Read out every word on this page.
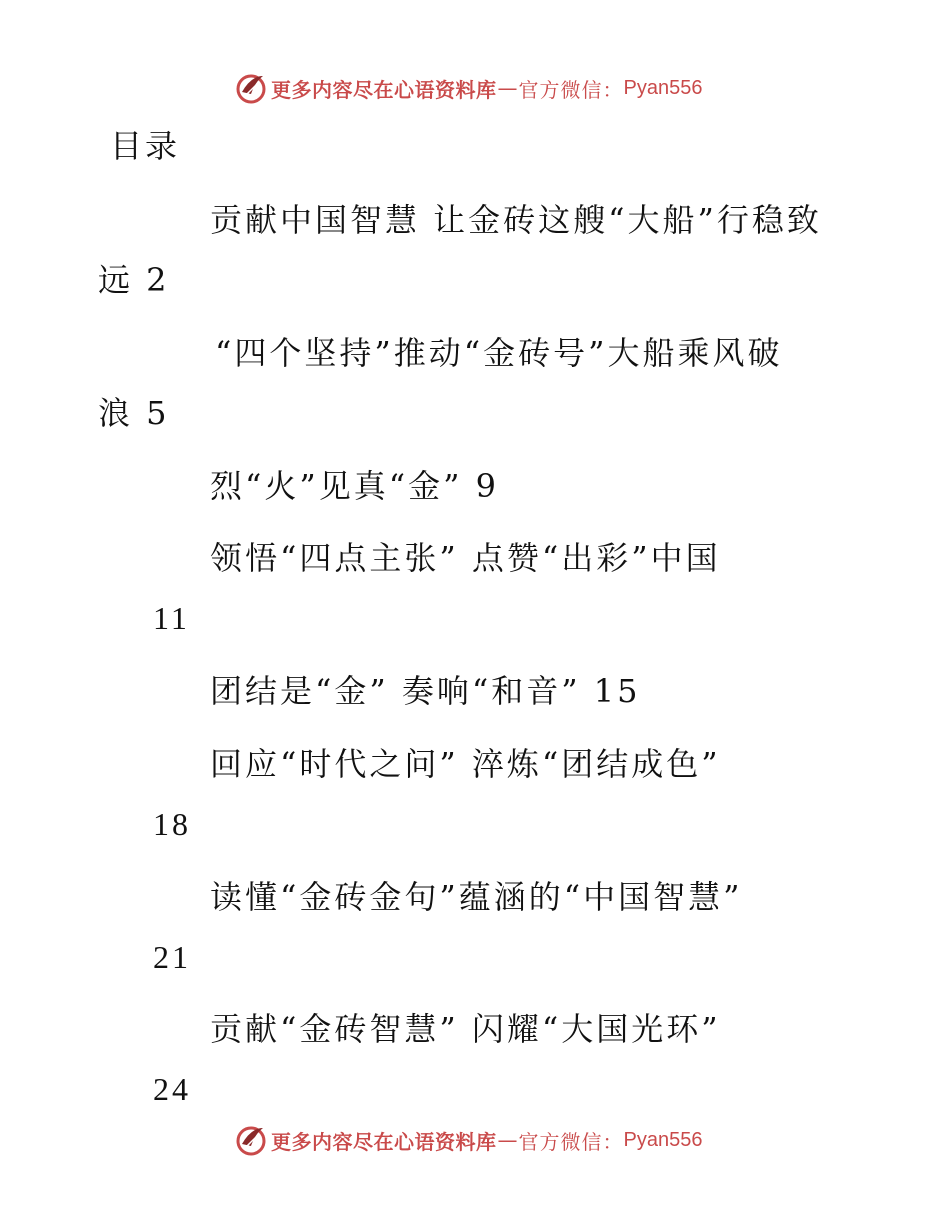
更多内容尽在心语资料库 — 官方微信： Pyan556
目录
贡献中国智慧 让金砖这艘“大船”行稳致
远 2
“四个坚持”推动“金砖号”大船乘风破
浪 5
烈“火”见真“金” 9
领悟“四点主张” 点赞“出彩”中国
11
团结是“金” 奏响“和音” 15
回应“时代之问” 淬炼“团结成色”
18
读懂“金砖金句”蕴涵的“中国智慧”
21
贡献“金砖智慧” 闪耀“大国光环”
24
更多内容尽在心语资料库 — 官方微信： Pyan556
